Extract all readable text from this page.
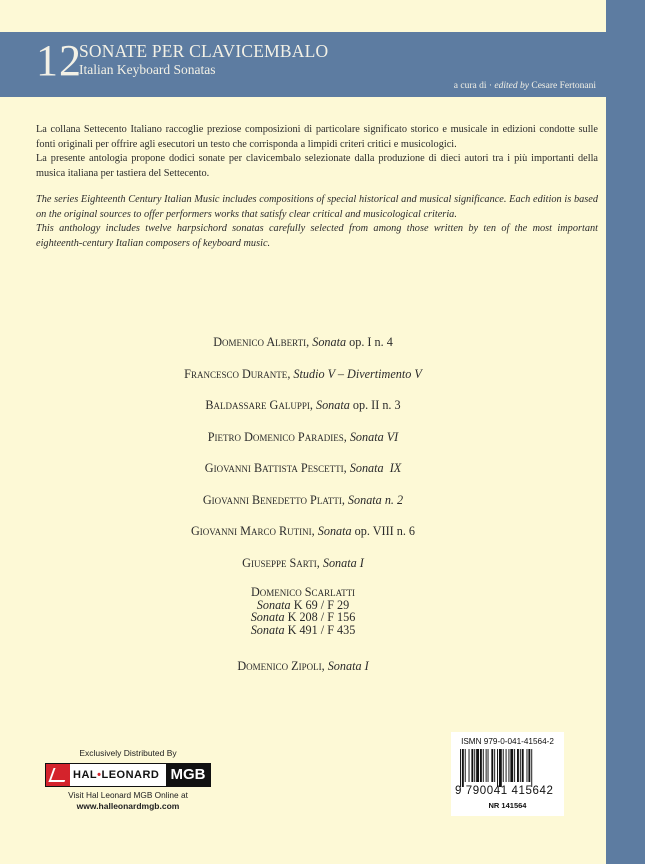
12
SONATE PER CLAVICEMBALO
Italian Keyboard Sonatas
a cura di · edited by Cesare Fertonani

La collana Settecento Italiano raccoglie preziose composizioni di particolare significato storico e musicale in edizioni condotte sulle fonti originali per offrire agli esecutori un testo che corrisponda a limpidi criteri critici e musicologici.

La presente antologia propone dodici sonate per clavicembalo selezionate dalla produzione di dieci autori tra i più importanti della musica italiana per tastiera del Settecento.

The series Eighteenth Century Italian Music includes compositions of special historical and musical significance. Each edition is based on the original sources to offer performers works that satisfy clear critical and musicological criteria.

This anthology includes twelve harpsichord sonatas carefully selected from among those written by ten of the most important eighteenth-century Italian composers of keyboard music.

Domenico Alberti, Sonata op. I n. 4
Francesco Durante, Studio V – Divertimento V
Baldassare Galuppi, Sonata op. II n. 3
Pietro Domenico Paradies, Sonata VI
Giovanni Battista Pescetti, Sonata  IX
Giovanni Benedetto Platti, Sonata n. 2
Giovanni Marco Rutini, Sonata op. VIII n. 6
Giuseppe Sarti, Sonata I
Domenico Scarlatti
Sonata K 69 / F 29
Sonata K 208 / F 156
Sonata K 491 / F 435
Domenico Zipoli, Sonata I
Exclusively Distributed By
HAL•LEONARD MGB
Visit Hal Leonard MGB Online at
www.halleonardmgb.com
ISMN 979-0-041-41564-2
9 790041 415642
NR 141564
